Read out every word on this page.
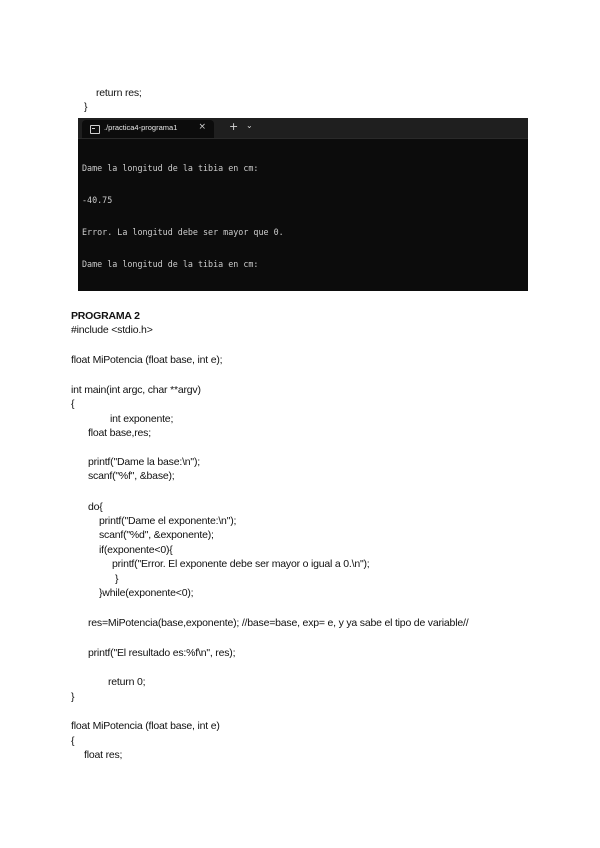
return res;
}
./practica4-programa1 × + ⌄

Dame la longitud de la tibia en cm:

-40.75

Error. La longitud debe ser mayor que 0.

Dame la longitud de la tibia en cm:

PROGRAMA 2
#include <stdio.h>
float MiPotencia (float base, int e);
int main(int argc, char **argv)
{
int exponente;
float base,res;
printf("Dame la base:\n");
scanf("%f", &base);
do{
printf("Dame el exponente:\n");
scanf("%d", &exponente);
if(exponente<0){
printf("Error. El exponente debe ser mayor o igual a 0.\n");
}
}while(exponente<0);
res=MiPotencia(base,exponente); //base=base, exp= e, y ya sabe el tipo de variable//
printf("El resultado es:%f\n", res);
return 0;
}
float MiPotencia (float base, int e)
{
float res;
